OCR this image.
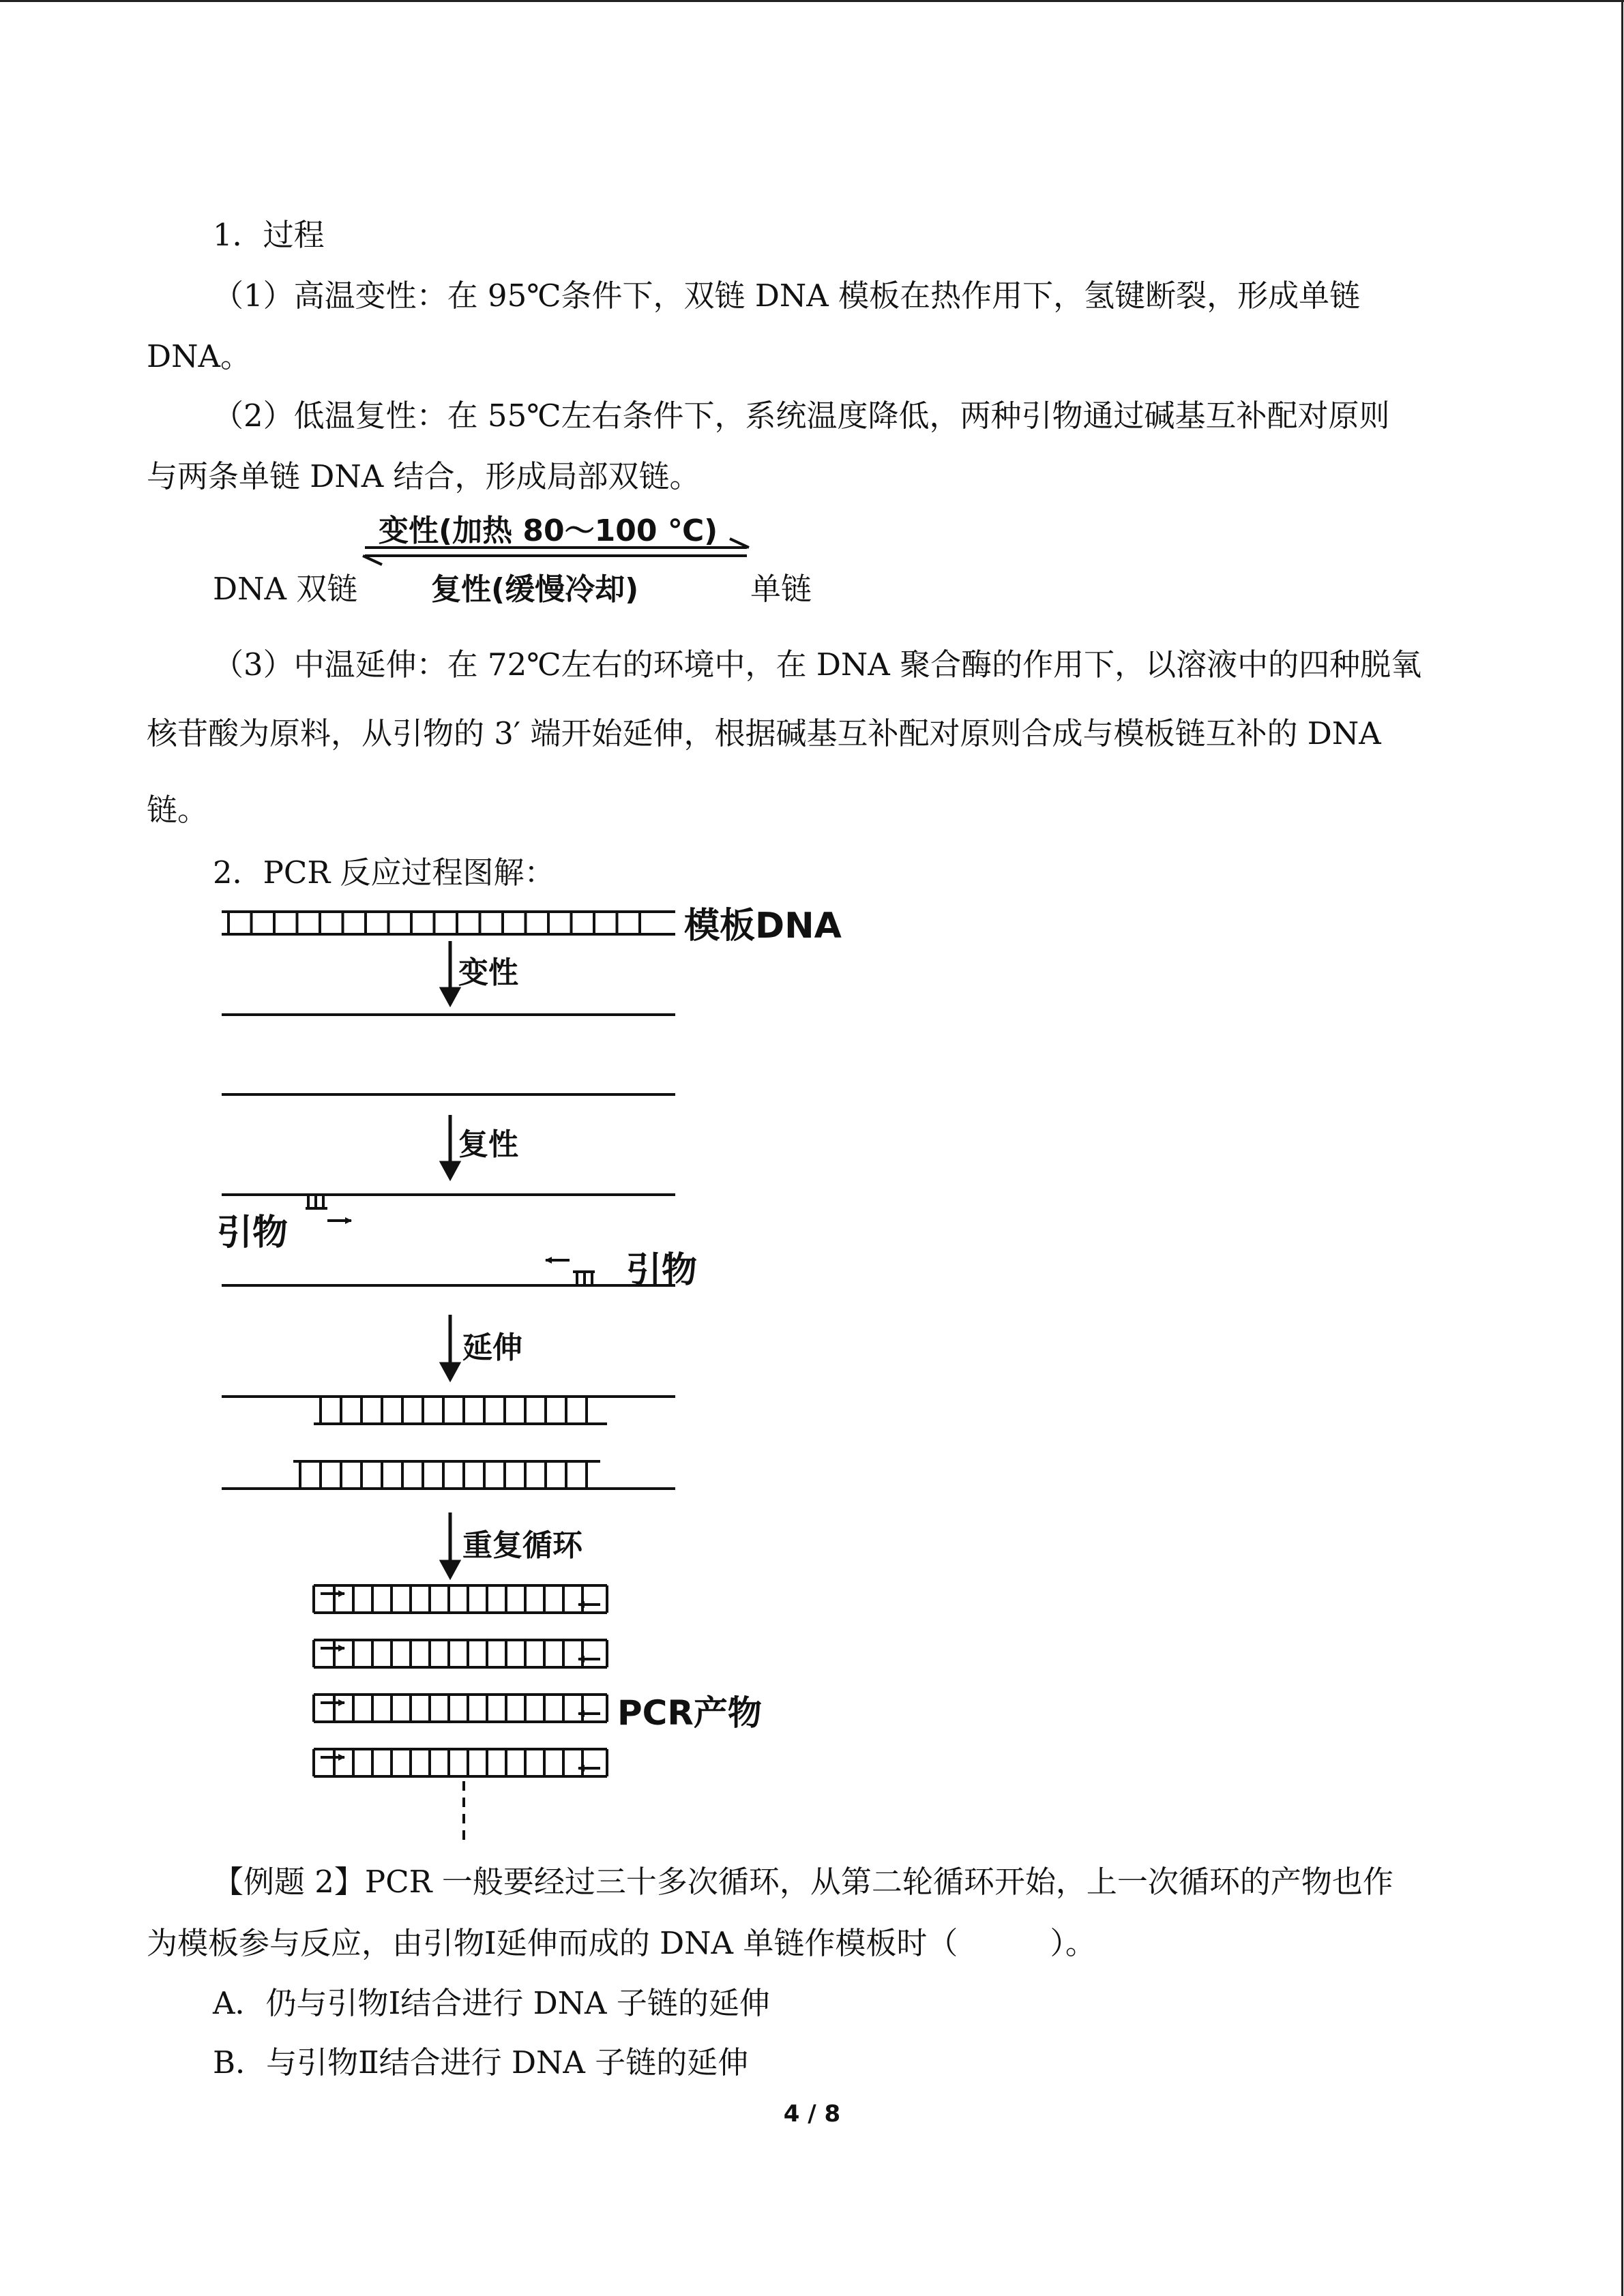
1．过程
（1）高温变性：在 95℃条件下，双链 DNA 模板在热作用下，氢键断裂，形成单链
DNA。
（2）低温复性：在 55℃左右条件下，系统温度降低，两种引物通过碱基互补配对原则
与两条单链 DNA 结合，形成局部双链。
DNA 双链	单链
变性(加热 80～100 ℃)
复性(缓慢冷却)
（3）中温延伸：在 72℃左右的环境中，在 DNA 聚合酶的作用下，以溶液中的四种脱氧
核苷酸为原料，从引物的 3′ 端开始延伸，根据碱基互补配对原则合成与模板链互补的 DNA
链。
2．PCR 反应过程图解：
模板DNA
变性
复性
引物
引物
延伸
重复循环
PCR产物
【例题 2】PCR 一般要经过三十多次循环，从第二轮循环开始，上一次循环的产物也作
为模板参与反应，由引物Ⅰ延伸而成的 DNA 单链作模板时（　　　）。
A．仍与引物Ⅰ结合进行 DNA 子链的延伸
B．与引物Ⅱ结合进行 DNA 子链的延伸
4 / 8
